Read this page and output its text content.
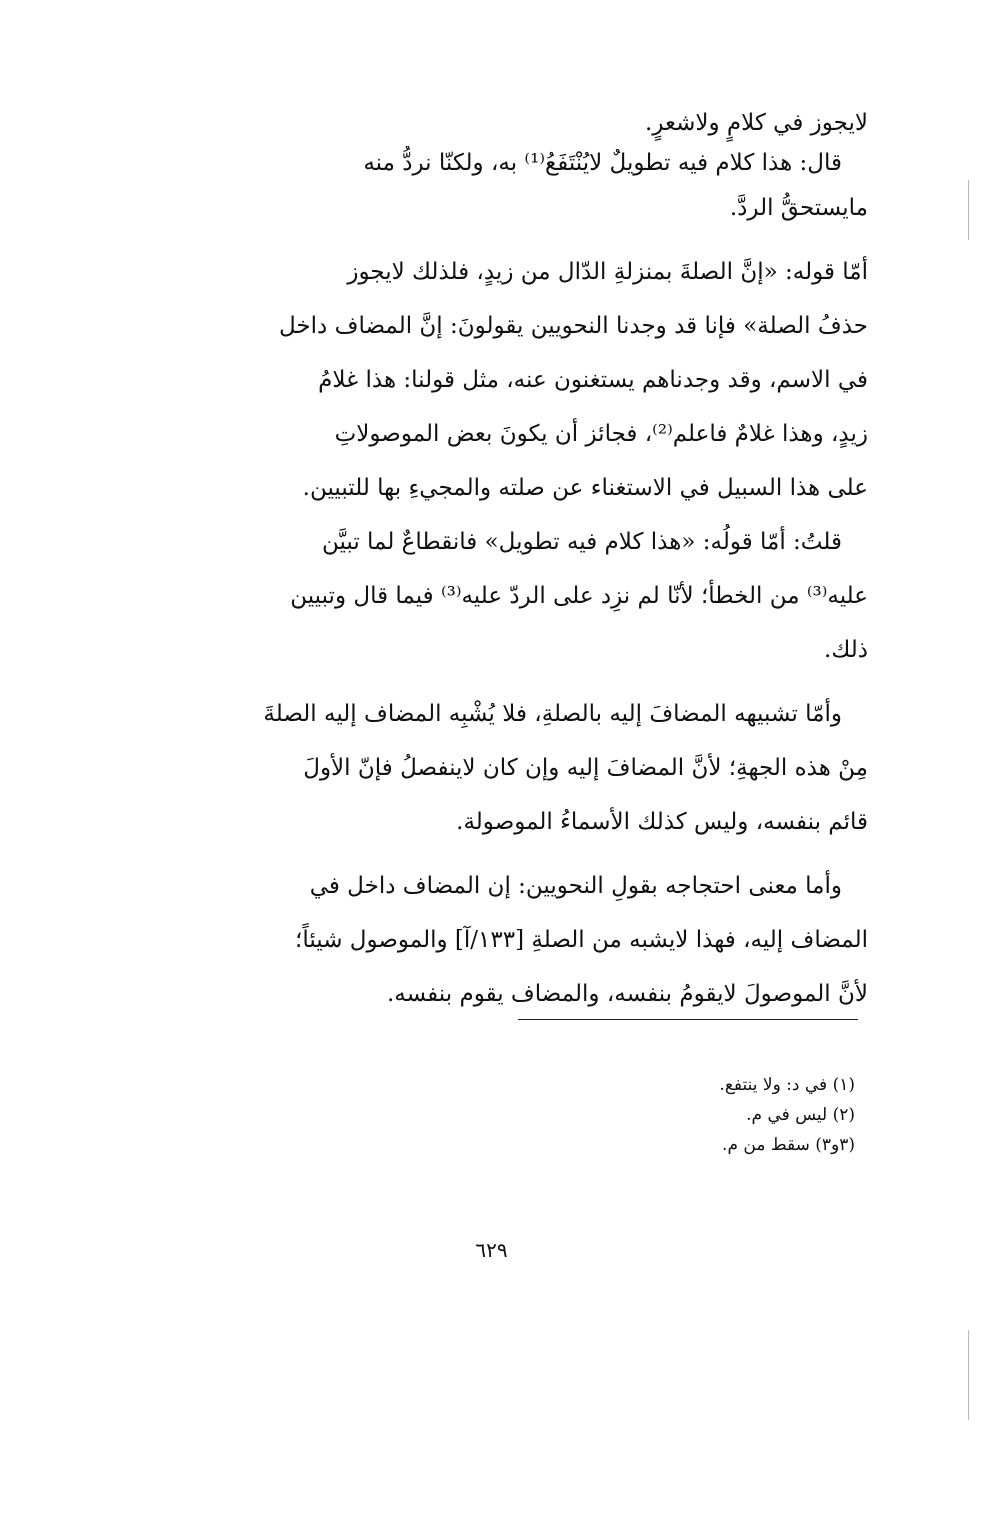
لايجوز في كلامٍ ولاشعرٍ.
قال: هذا كلام فيه تطويلٌ لايُنْتَفَعُ⁽¹⁾ به، ولكنّا نردُّ منه
مايستحقُّ الردَّ.
أمّا قوله: «إنَّ الصلةَ بمنزلةِ الدّال من زيدٍ، فلذلك لايجوز
حذفُ الصلة» فإنا قد وجدنا النحويين يقولونَ: إنَّ المضاف داخل
في الاسم، وقد وجدناهم يستغنون عنه، مثل قولنا: هذا غلامُ
زيدٍ، وهذا غلامٌ فاعلم⁽²⁾، فجائز أن يكونَ بعض الموصولاتِ
على هذا السبيل في الاستغناء عن صلته والمجيءِ بها للتبيين.
قلتُ: أمّا قولُه: «هذا كلام فيه تطويل» فانقطاعٌ لما تبيَّن
عليه⁽³⁾ من الخطأ؛ لأنّا لم نزِد على الردّ عليه⁽³⁾ فيما قال وتبيين
ذلك.
وأمّا تشبيهه المضافَ إليه بالصلةِ، فلا يُشْبِه المضاف إليه الصلةَ
مِنْ هذه الجهةِ؛ لأنَّ المضافَ إليه وإن كان لاينفصلُ فإنّ الأولَ
قائم بنفسه، وليس كذلك الأسماءُ الموصولة.
وأما معنى احتجاجه بقولِ النحويين: إن المضاف داخل في
المضاف إليه، فهذا لايشبه من الصلةِ [١٣٣/آ] والموصول شيئاً؛
لأنَّ الموصولَ لايقومُ بنفسه، والمضاف يقوم بنفسه.
(١) في د: ولا ينتفع.
(٢) ليس في م.
(٣و٣) سقط من م.
٦٢٩
